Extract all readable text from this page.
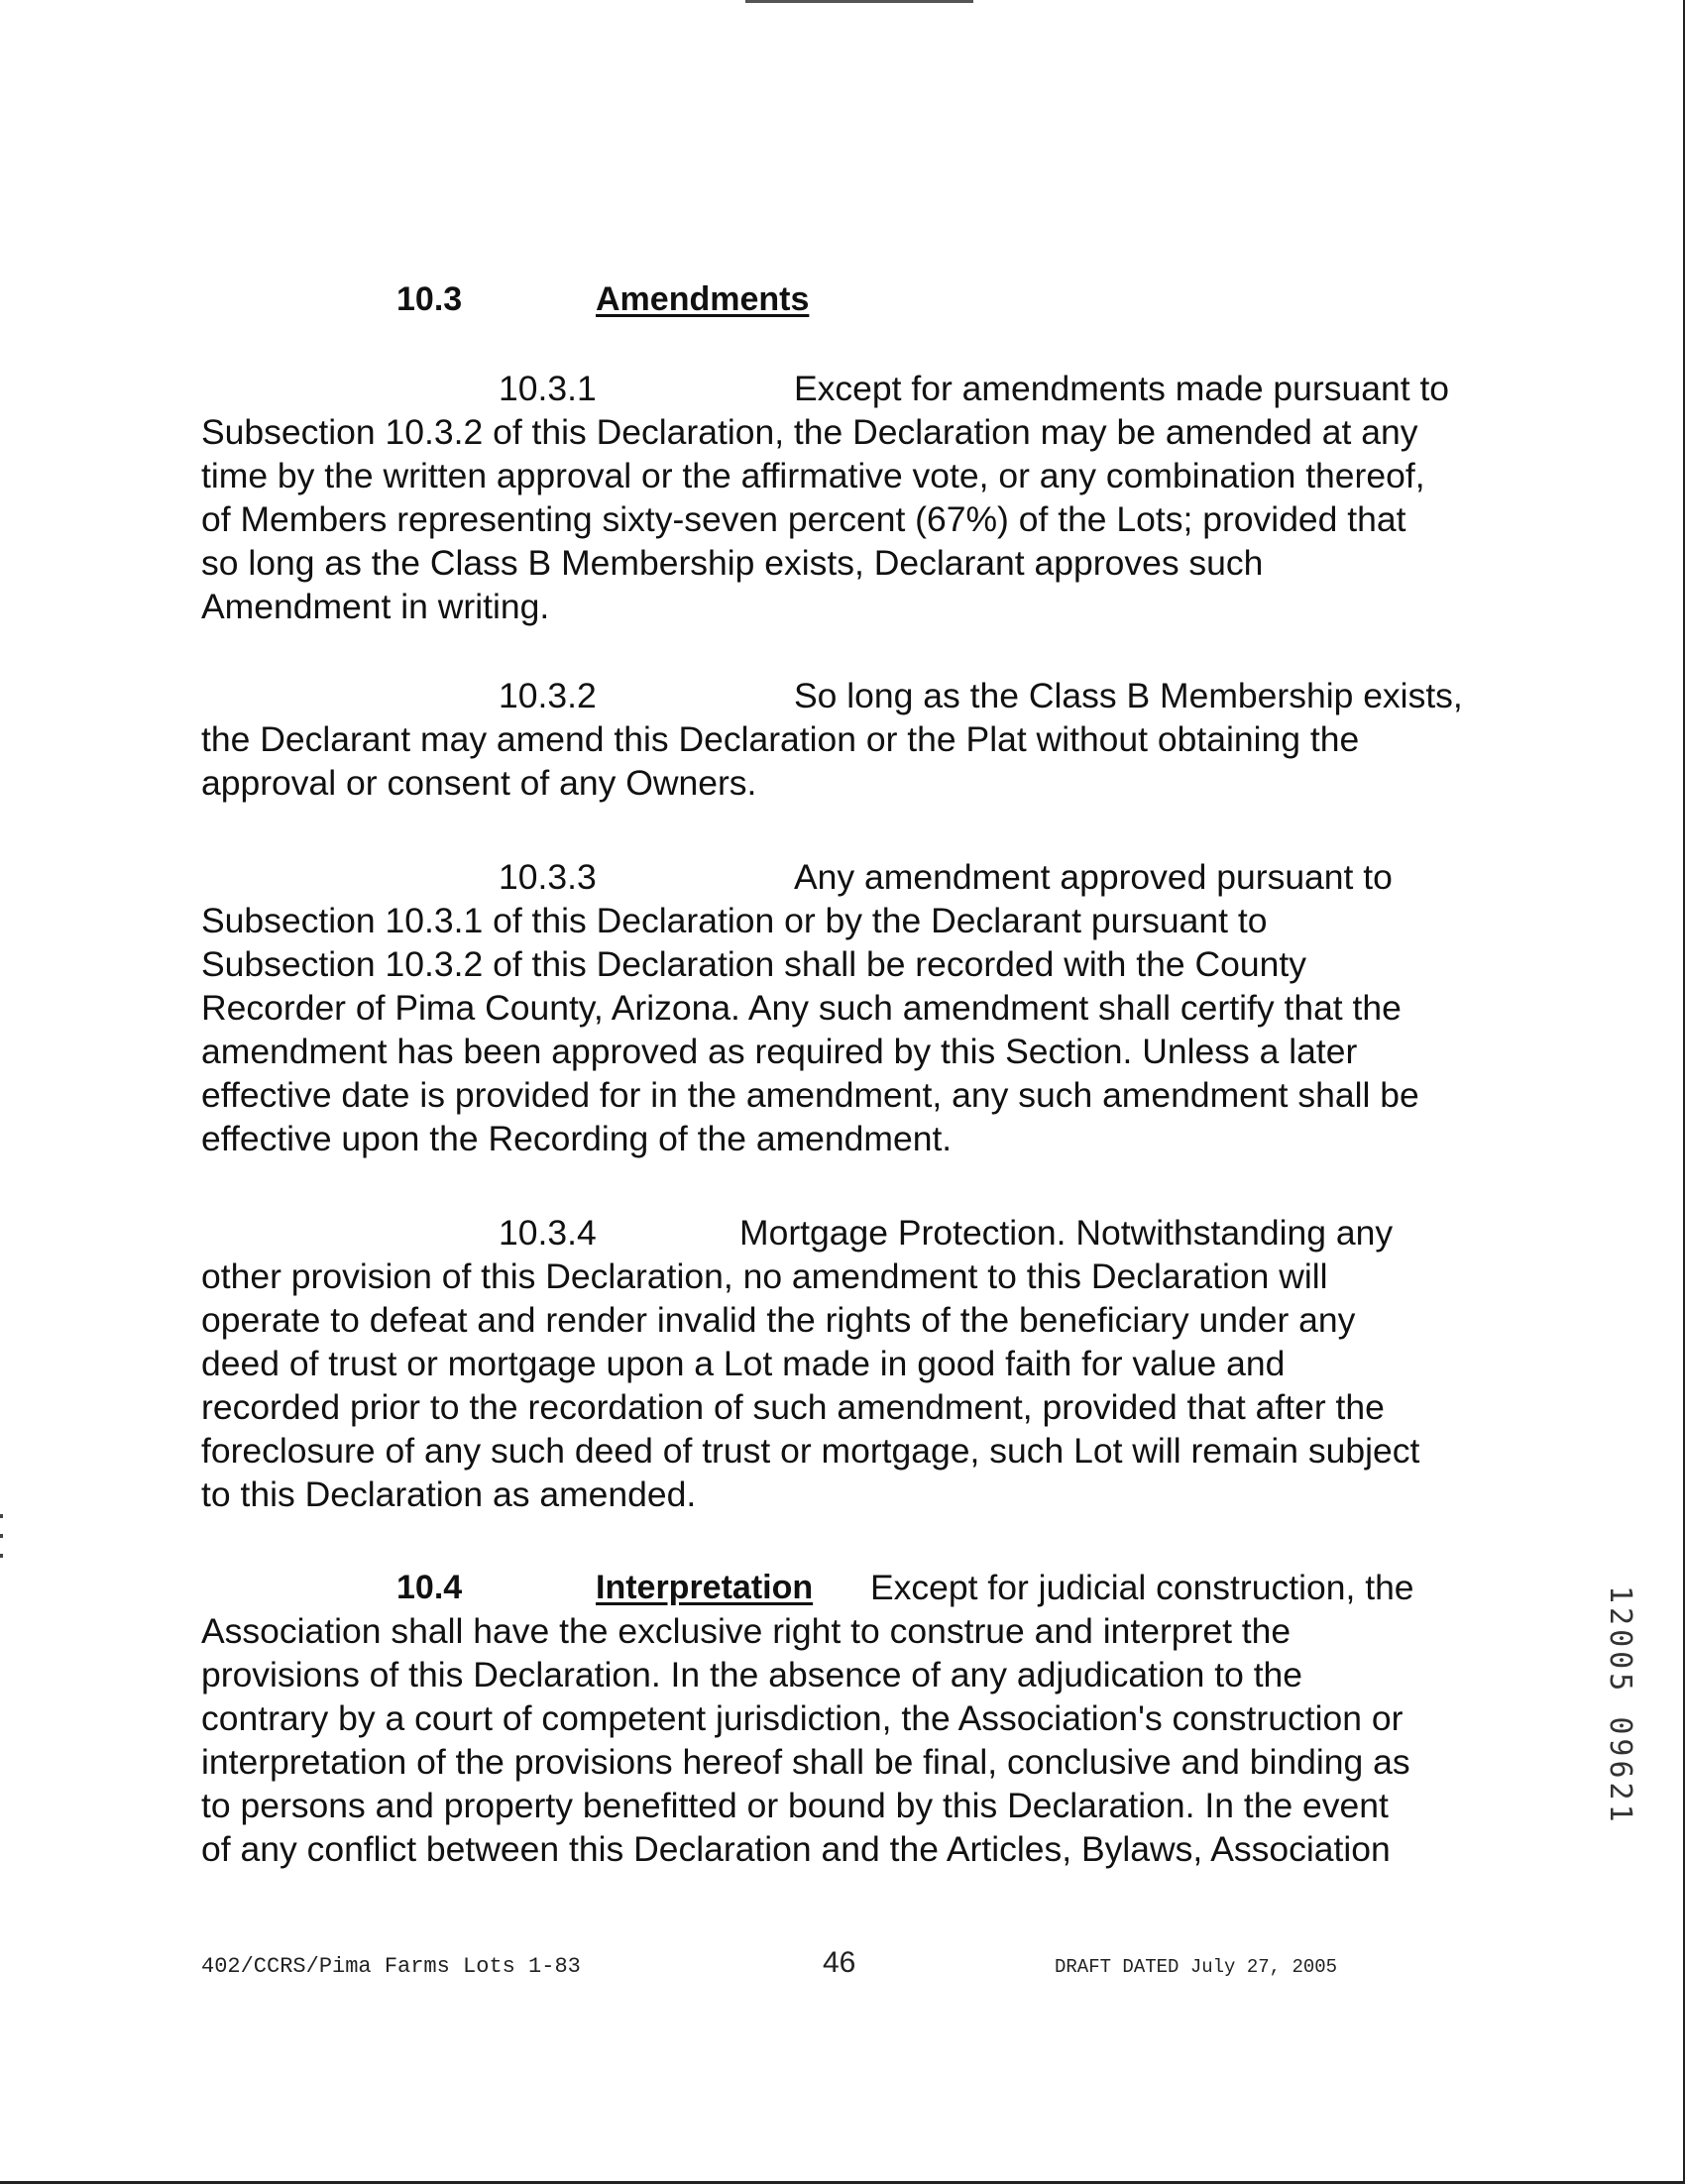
10.3	Amendments
10.3.1	Except for amendments made pursuant to
Subsection 10.3.2 of this Declaration, the Declaration may be amended at any
time by the written approval or the affirmative vote, or any combination thereof,
of Members representing sixty-seven percent (67%) of the Lots; provided that
so long as the Class B Membership exists, Declarant approves such
Amendment in writing.
10.3.2	So long as the Class B Membership exists,
the Declarant may amend this Declaration or the Plat without obtaining the
approval or consent of any Owners.
10.3.3	Any amendment approved pursuant to
Subsection 10.3.1 of this Declaration or by the Declarant pursuant to
Subsection 10.3.2 of this Declaration shall be recorded with the County
Recorder of Pima County, Arizona. Any such amendment shall certify that the
amendment has been approved as required by this Section. Unless a later
effective date is provided for in the amendment, any such amendment shall be
effective upon the Recording of the amendment.
10.3.4	Mortgage Protection. Notwithstanding any
other provision of this Declaration, no amendment to this Declaration will
operate to defeat and render invalid the rights of the beneficiary under any
deed of trust or mortgage upon a Lot made in good faith for value and
recorded prior to the recordation of such amendment, provided that after the
foreclosure of any such deed of trust or mortgage, such Lot will remain subject
to this Declaration as amended.
10.4	Interpretation Except for judicial construction, the
Association shall have the exclusive right to construe and interpret the
provisions of this Declaration. In the absence of any adjudication to the
contrary by a court of competent jurisdiction, the Association's construction or
interpretation of the provisions hereof shall be final, conclusive and binding as
to persons and property benefitted or bound by this Declaration. In the event
of any conflict between this Declaration and the Articles, Bylaws, Association
402/CCRS/Pima Farms Lots 1-83	46	DRAFT DATED July 27, 2005
12005 09621
